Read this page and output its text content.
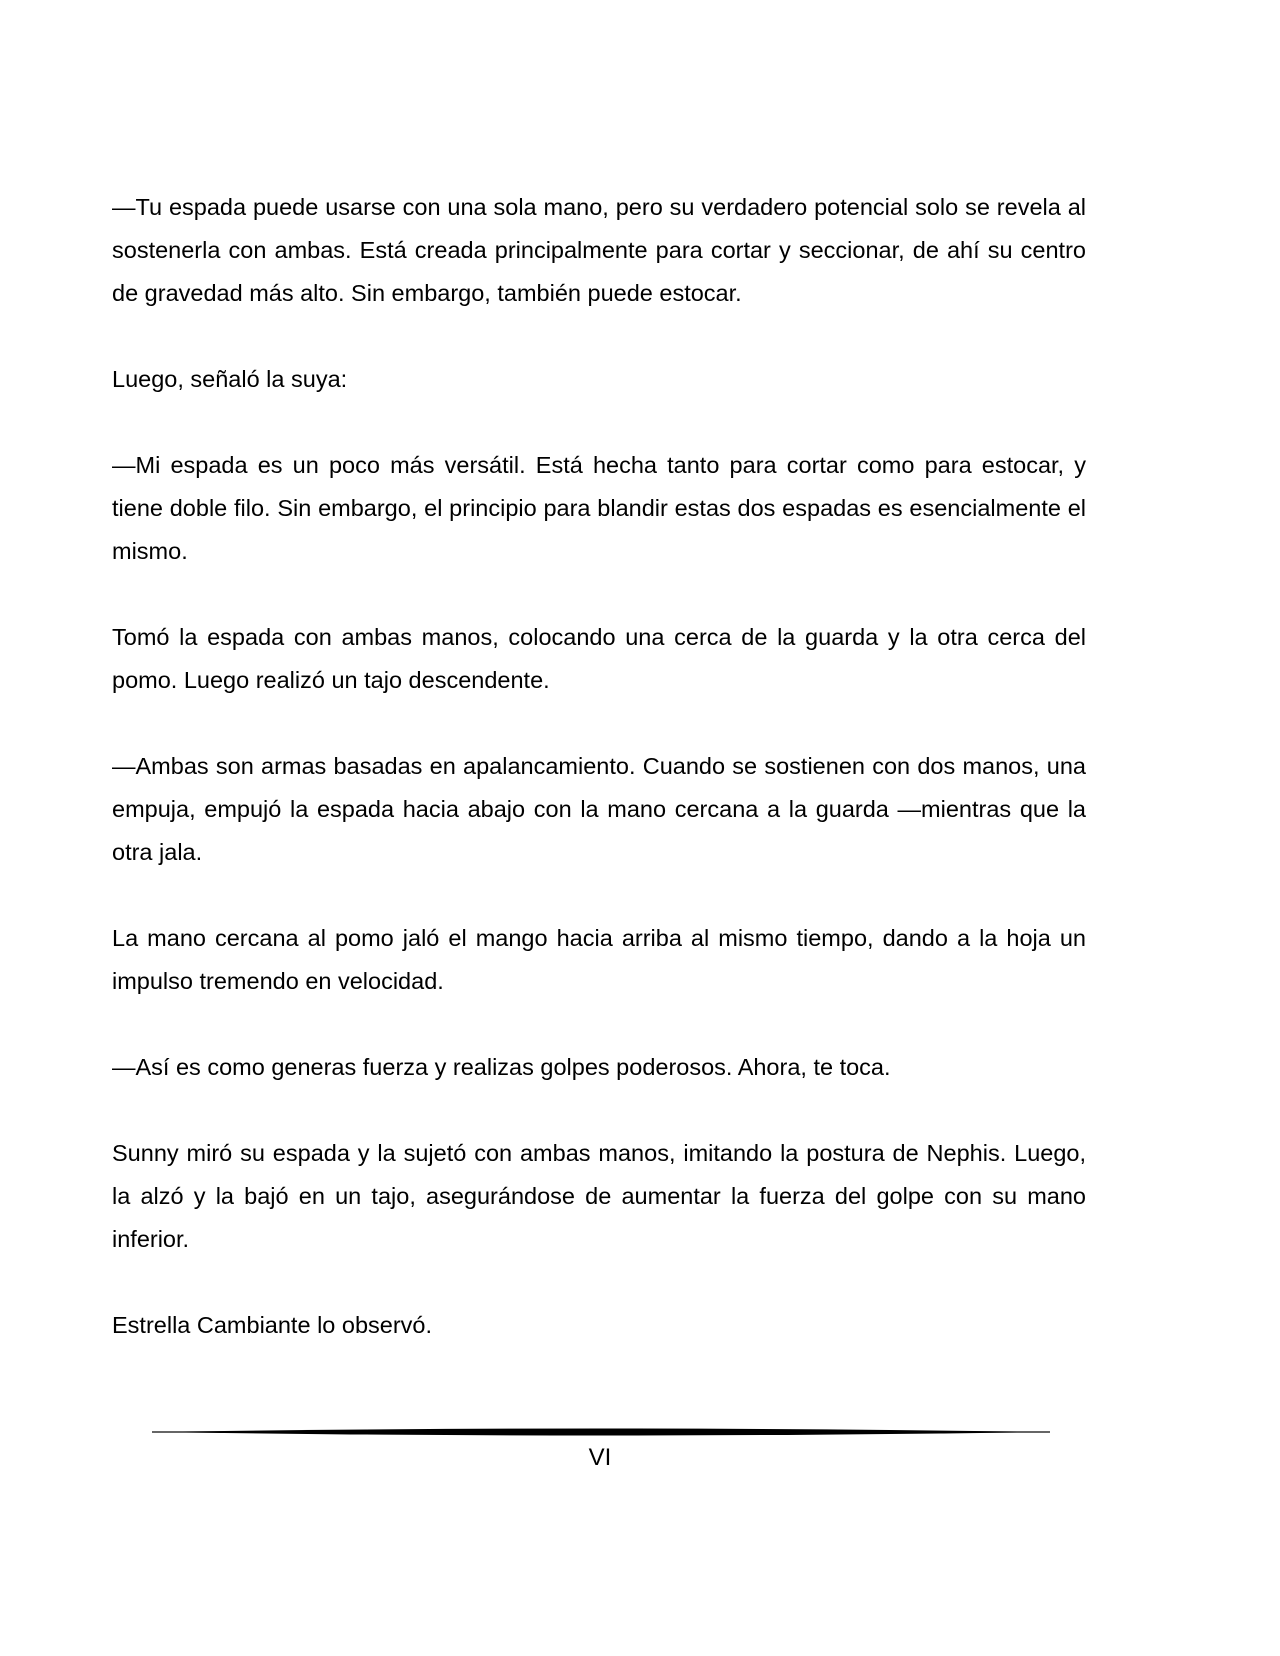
—Tu espada puede usarse con una sola mano, pero su verdadero potencial solo se revela al sostenerla con ambas. Está creada principalmente para cortar y seccionar, de ahí su centro de gravedad más alto. Sin embargo, también puede estocar.

Luego, señaló la suya:

—Mi espada es un poco más versátil. Está hecha tanto para cortar como para estocar, y tiene doble filo. Sin embargo, el principio para blandir estas dos espadas es esencialmente el mismo.

Tomó la espada con ambas manos, colocando una cerca de la guarda y la otra cerca del pomo. Luego realizó un tajo descendente.

—Ambas son armas basadas en apalancamiento. Cuando se sostienen con dos manos, una empuja, empujó la espada hacia abajo con la mano cercana a la guarda —mientras que la otra jala.

La mano cercana al pomo jaló el mango hacia arriba al mismo tiempo, dando a la hoja un impulso tremendo en velocidad.

—Así es como generas fuerza y realizas golpes poderosos. Ahora, te toca.

Sunny miró su espada y la sujetó con ambas manos, imitando la postura de Nephis. Luego, la alzó y la bajó en un tajo, asegurándose de aumentar la fuerza del golpe con su mano inferior.

Estrella Cambiante lo observó.

VI
